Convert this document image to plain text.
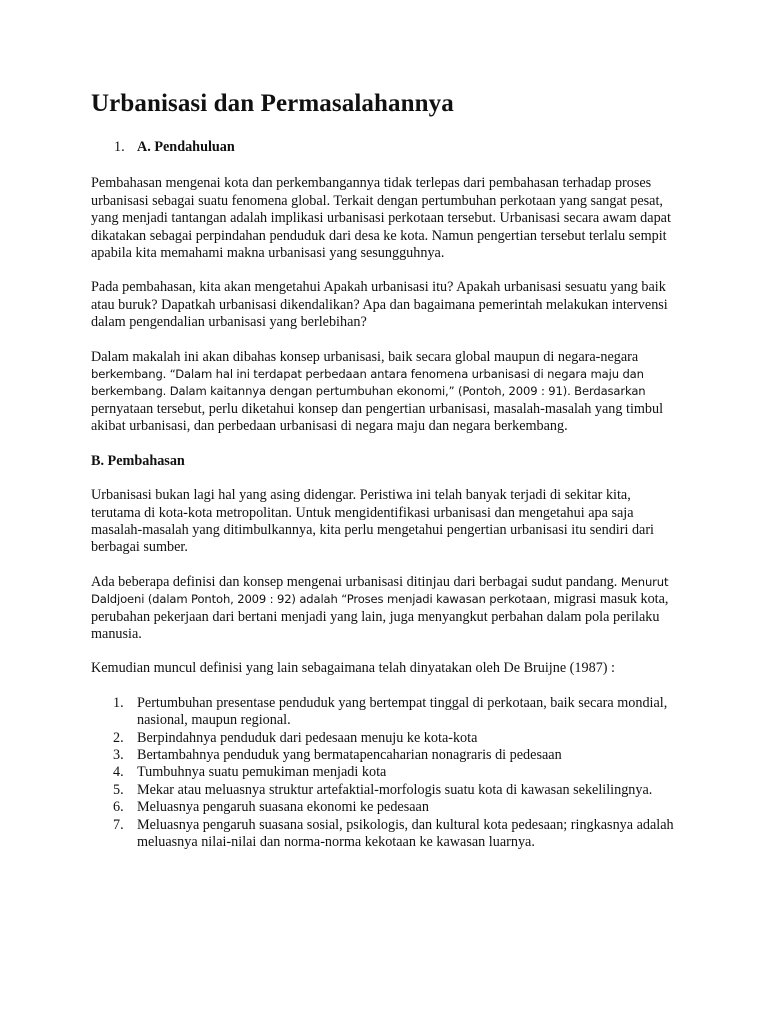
Urbanisasi dan Permasalahannya
1. A. Pendahuluan

Pembahasan mengenai kota dan perkembangannya tidak terlepas dari pembahasan terhadap proses urbanisasi sebagai suatu fenomena global. Terkait dengan pertumbuhan perkotaan yang sangat pesat, yang menjadi tantangan adalah implikasi urbanisasi perkotaan tersebut. Urbanisasi secara awam dapat dikatakan sebagai perpindahan penduduk dari desa ke kota. Namun pengertian tersebut terlalu sempit apabila kita memahami makna urbanisasi yang sesungguhnya.

Pada pembahasan, kita akan mengetahui Apakah urbanisasi itu? Apakah urbanisasi sesuatu yang baik atau buruk? Dapatkah urbanisasi dikendalikan? Apa dan bagaimana pemerintah melakukan intervensi dalam pengendalian urbanisasi yang berlebihan?

Dalam makalah ini akan dibahas konsep urbanisasi, baik secara global maupun di negara-negara berkembang. “Dalam hal ini terdapat perbedaan antara fenomena urbanisasi di negara maju dan berkembang. Dalam kaitannya dengan pertumbuhan ekonomi,” (Pontoh, 2009 : 91). Berdasarkan pernyataan tersebut, perlu diketahui konsep dan pengertian urbanisasi, masalah-masalah yang timbul akibat urbanisasi, dan perbedaan urbanisasi di negara maju dan negara berkembang.

B. Pembahasan

Urbanisasi bukan lagi hal yang asing didengar. Peristiwa ini telah banyak terjadi di sekitar kita, terutama di kota-kota metropolitan. Untuk mengidentifikasi urbanisasi dan mengetahui apa saja masalah-masalah yang ditimbulkannya, kita perlu mengetahui pengertian urbanisasi itu sendiri dari berbagai sumber.

Ada beberapa definisi dan konsep mengenai urbanisasi ditinjau dari berbagai sudut pandang. Menurut Daldjoeni (dalam Pontoh, 2009 : 92) adalah “Proses menjadi kawasan perkotaan, migrasi masuk kota, perubahan pekerjaan dari bertani menjadi yang lain, juga menyangkut perbahan dalam pola perilaku manusia.

Kemudian muncul definisi yang lain sebagaimana telah dinyatakan oleh De Bruijne (1987) :

1. Pertumbuhan presentase penduduk yang bertempat tinggal di perkotaan, baik secara mondial, nasional, maupun regional.
2. Berpindahnya penduduk dari pedesaan menuju ke kota-kota
3. Bertambahnya penduduk yang bermatapencaharian nonagraris di pedesaan
4. Tumbuhnya suatu pemukiman menjadi kota
5. Mekar atau meluasnya struktur artefaktial-morfologis suatu kota di kawasan sekelilingnya.
6. Meluasnya pengaruh suasana ekonomi ke pedesaan
7. Meluasnya pengaruh suasana sosial, psikologis, dan kultural kota pedesaan; ringkasnya adalah meluasnya nilai-nilai dan norma-norma kekotaan ke kawasan luarnya.
